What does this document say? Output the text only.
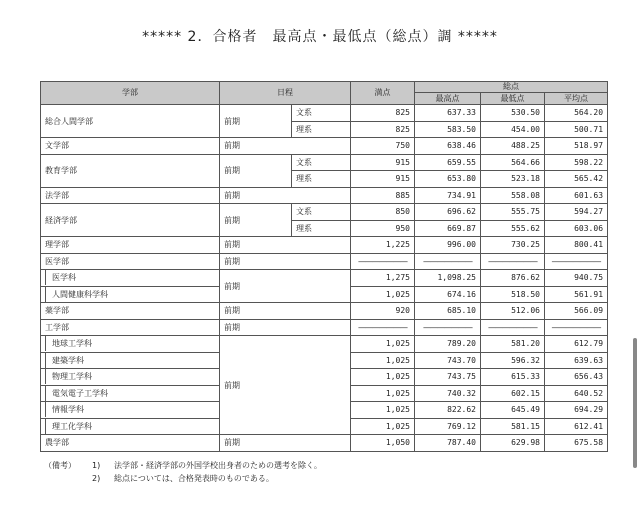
***** 2．合格者　最高点・最低点（総点）調 *****
学部	日程		満点	総点		
				最高点	最低点	平均点
総合人間学部	前期	文系	825	637.33	530.50	564.20
		理系	825	583.50	454.00	500.71
文学部	前期		750	638.46	488.25	518.97
教育学部	前期	文系	915	659.55	564.66	598.22
		理系	915	653.80	523.18	565.42
法学部	前期		885	734.91	558.08	601.63
経済学部	前期	文系	850	696.62	555.75	594.27
		理系	950	669.87	555.62	603.06
理学部	前期		1,225	996.00	730.25	800.41
医学部	前期		———————	———————	———————	———————
医学科	前期		1,275	1,098.25	876.62	940.75
人間健康科学科			1,025	674.16	518.50	561.91
薬学部	前期		920	685.10	512.06	566.09
工学部	前期		———————	———————	———————	———————
地球工学科	前期		1,025	789.20	581.20	612.79
建築学科			1,025	743.70	596.32	639.63
物理工学科			1,025	743.75	615.33	656.43
電気電子工学科			1,025	740.32	602.15	640.52
情報学科			1,025	822.62	645.49	694.29
理工化学科			1,025	769.12	581.15	612.41
農学部	前期		1,050	787.40	629.98	675.58
（備考）	1)	法学部・経済学部の外国学校出身者のための選考を除く。
2)	総点については、合格発表時のものである。
